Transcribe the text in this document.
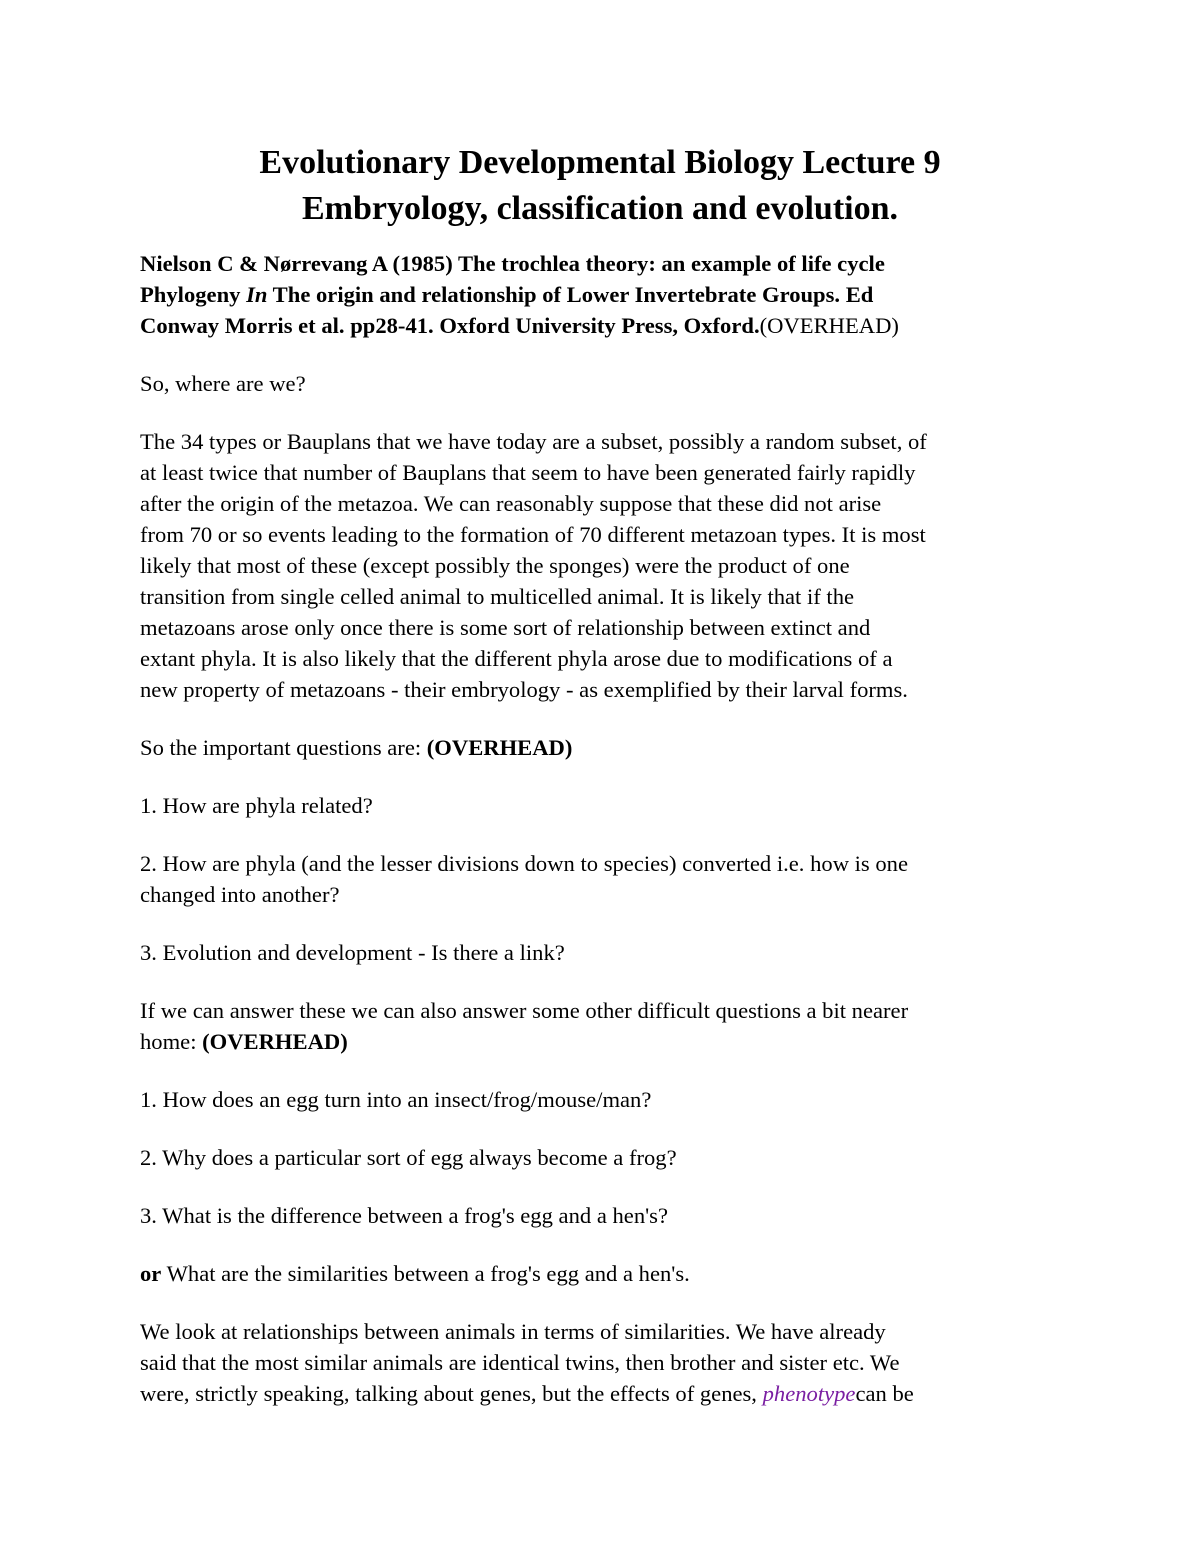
Evolutionary Developmental Biology Lecture 9
Embryology, classification and evolution.

Nielson C & Nørrevang A (1985) The trochlea theory: an example of life cycle
Phylogeny In The origin and relationship of Lower Invertebrate Groups. Ed
Conway Morris et al. pp28-41. Oxford University Press, Oxford.(OVERHEAD)

So, where are we?

The 34 types or Bauplans that we have today are a subset, possibly a random subset, of
at least twice that number of Bauplans that seem to have been generated fairly rapidly
after the origin of the metazoa. We can reasonably suppose that these did not arise
from 70 or so events leading to the formation of 70 different metazoan types. It is most
likely that most of these (except possibly the sponges) were the product of one
transition from single celled animal to multicelled animal. It is likely that if the
metazoans arose only once there is some sort of relationship between extinct and
extant phyla. It is also likely that the different phyla arose due to modifications of a
new property of metazoans - their embryology - as exemplified by their larval forms.

So the important questions are: (OVERHEAD)

1. How are phyla related?

2. How are phyla (and the lesser divisions down to species) converted i.e. how is one
changed into another?

3. Evolution and development - Is there a link?

If we can answer these we can also answer some other difficult questions a bit nearer
home: (OVERHEAD)

1. How does an egg turn into an insect/frog/mouse/man?

2. Why does a particular sort of egg always become a frog?

3. What is the difference between a frog's egg and a hen's?

or What are the similarities between a frog's egg and a hen's.

We look at relationships between animals in terms of similarities. We have already
said that the most similar animals are identical twins, then brother and sister etc. We
were, strictly speaking, talking about genes, but the effects of genes, phenotypecan be
